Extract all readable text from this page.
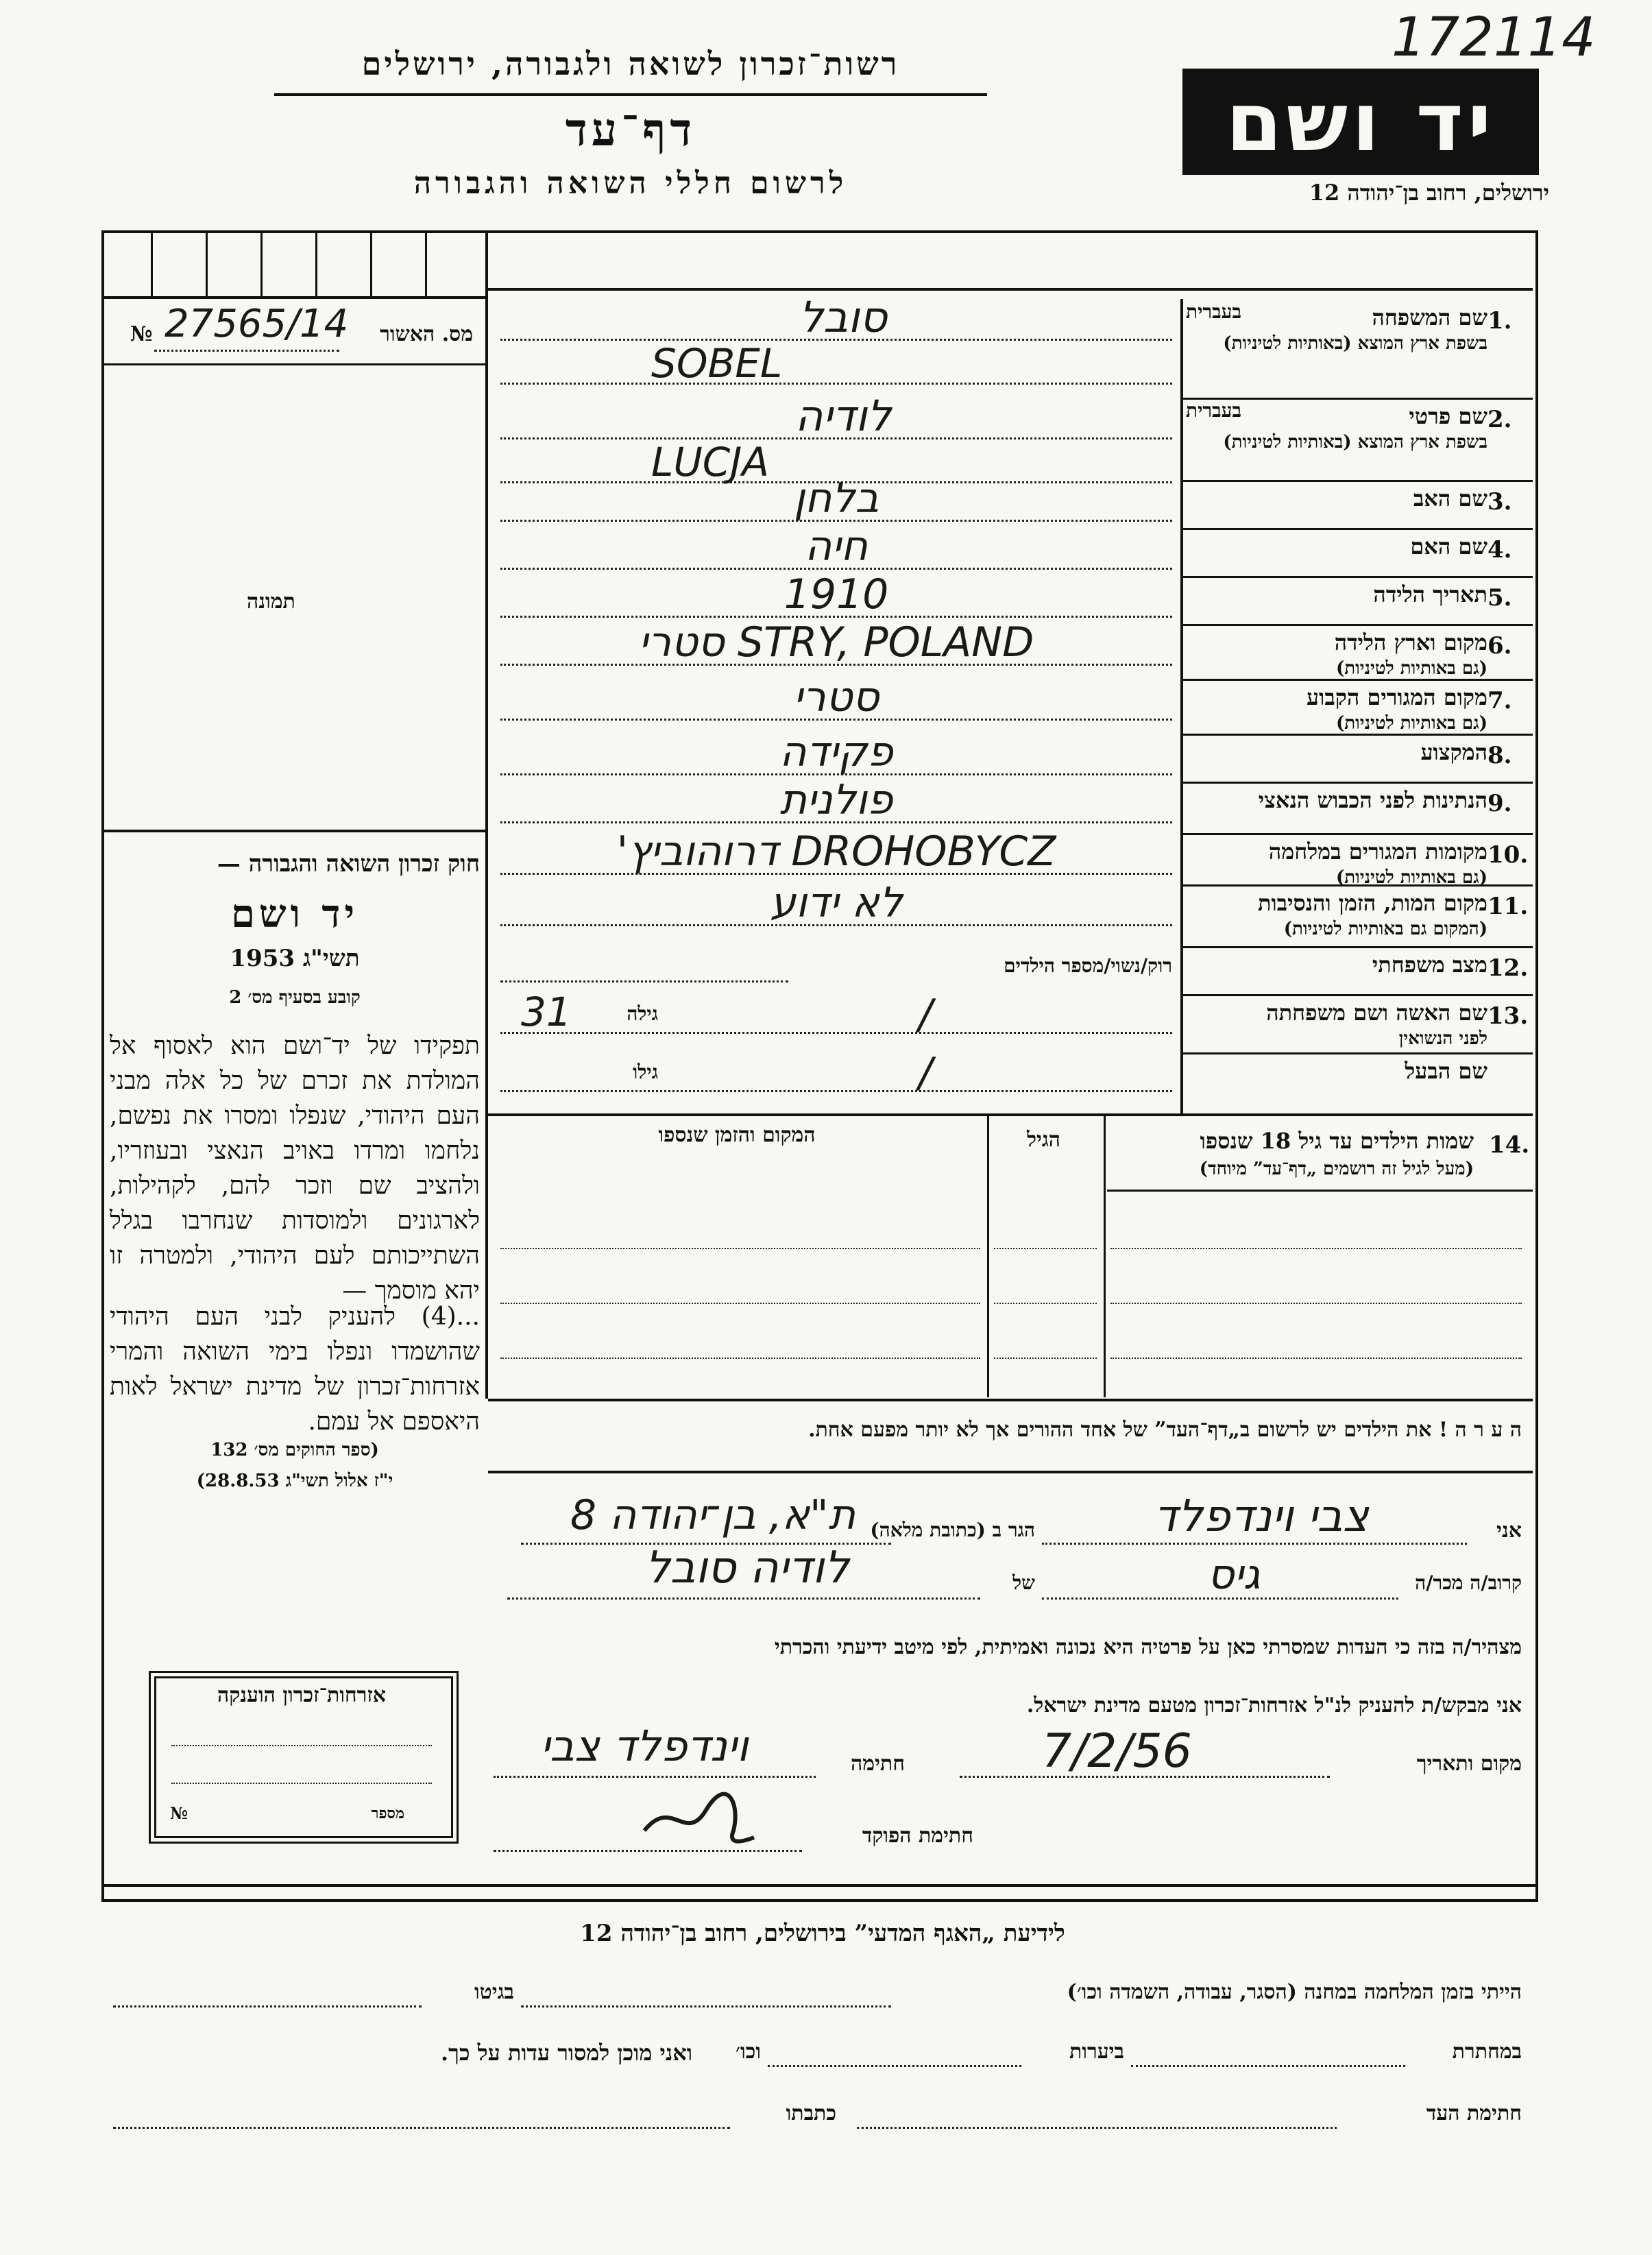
172114
רשות־זכרון לשואה ולגבורה, ירושלים
דף־עד
לרשום חללי השואה והגבורה
יד ושם
ירושלים, רחוב בן־יהודה 12
№ 27565/14	מס. האשור
תמונה
1.
שם המשפחה
בשפת ארץ המוצא (באותיות לטיניות)
בעברית
סובל
SOBEL
2.
שם פרטי
בשפת ארץ המוצא (באותיות לטיניות)
בעברית
לודיה
LUCJA
3.
שם האב
בלחן
4.
שם האם
חיה
5.
תאריך הלידה
1910
6.
מקום וארץ הלידה
(גם באותיות לטיניות)
STRY, POLAND סטרי
7.
מקום המגורים הקבוע
(גם באותיות לטיניות)
סטרי
8.
המקצוע
פקידה
9.
הנתינות לפני הכבוש הנאצי
פולנית
10.
מקומות המגורים במלחמה
(גם באותיות לטיניות)
DROHOBYCZ דרוהוביץ'
11.
מקום המות, הזמן והנסיבות
(המקום גם באותיות לטיניות)
לא ידוע
12.
מצב משפחתי
רוק/נשוי/מספר הילדים
13.
שם האשה ושם משפחתה
לפני הנשואין
/
גילה
31
שם הבעל
/
גילו
חוק זכרון השואה והגבורה —
יד ושם
תשי"ג 1953
קובע בסעיף מס׳ 2
תפקידו של יד־ושם הוא לאסוף אל המולדת את זכרם של כל אלה מבני העם היהודי, שנפלו ומסרו את נפשם, נלחמו ומרדו באויב הנאצי ובעוזריו, ולהציב שם וזכר להם, לקהילות, לארגונים ולמוסדות שנחרבו בגלל השתייכותם לעם היהודי, ולמטרה זו יהא מוסמך —
...(4) להעניק לבני העם היהודי שהושמדו ונפלו בימי השואה והמרי אזרחות־זכרון של מדינת ישראל לאות היאספם אל עמם.
(ספר החוקים מס׳ 132
י"ז אלול תשי"ג 28.8.53)
14.
שמות הילדים עד גיל 18 שנספו
(מעל לגיל זה רושמים „דף־עד” מיוחד)
הגיל
המקום והזמן שנספו
ה ע ר ה ! את הילדים יש לרשום ב„דף־העד” של אחד ההורים אך לא יותר מפעם אחת.
אני
צבי וינדפלד
הגר ב (כתובת מלאה)
ת"א, בן־יהודה 8
קרוב/ה מכר/ה
גיס
של
לודיה סובל
מצהיר/ה בזה כי העדות שמסרתי כאן על פרטיה היא נכונה ואמיתית, לפי מיטב ידיעתי והכרתי
אני מבקש/ת להעניק לנ"ל אזרחות־זכרון מטעם מדינת ישראל.
מקום ותאריך
7/2/56
חתימה
וינדפלד צבי
חתימת הפוקד
אזרחות־זכרון הוענקה
№	מספר
לידיעת „האגף המדעי” בירושלים, רחוב בן־יהודה 12
הייתי בזמן המלחמה במחנה (הסגר, עבודה, השמדה וכו׳)
בגיטו
במחתרת
ביערות
וכו׳
ואני מוכן למסור עדות על כך.
חתימת העד
כתבתו
